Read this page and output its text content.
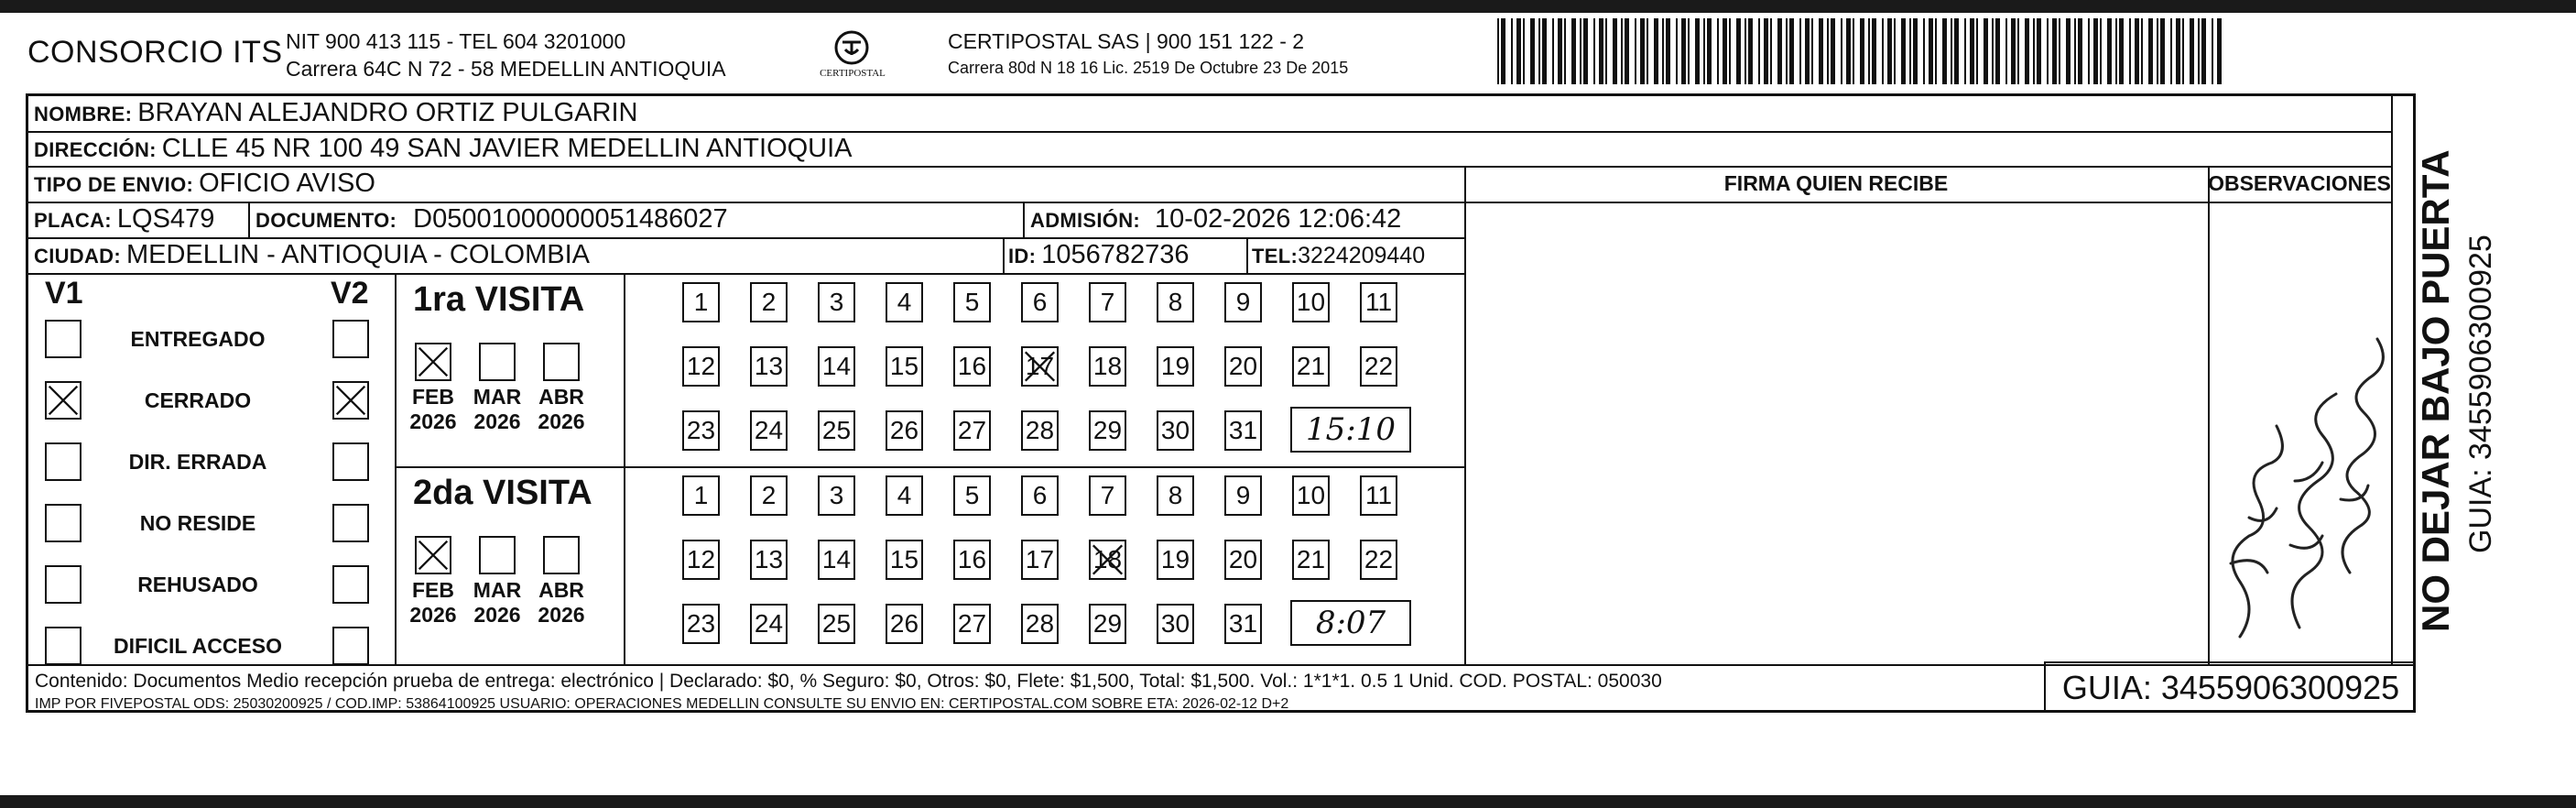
CONSORCIO ITS NIT 900 413 115 - TEL 604 3201000
Carrera 64C N 72 - 58 MEDELLIN ANTIOQUIA	CERTIPOSTAL
CERTIPOSTAL SAS | 900 151 122 - 2
Carrera 80d N 18 16 Lic. 2519 De Octubre 23 De 2015
NOMBRE: BRAYAN ALEJANDRO ORTIZ PULGARIN
DIRECCIÓN: CLLE 45 NR 100 49 SAN JAVIER MEDELLIN ANTIOQUIA
TIPO DE ENVIO: OFICIO AVISO	FIRMA QUIEN RECIBE	OBSERVACIONES
PLACA: LQS479 DOCUMENTO: D05001000000051486027	ADMISIÓN: 10-02-2026 12:06:42
CIUDAD: MEDELLIN - ANTIOQUIA - COLOMBIA	ID: 1056782736	TEL: 3224209440
V1	V2
ENTREGADO
CERRADO
DIR. ERRADA
NO RESIDE
REHUSADO
DIFICIL ACCESO
1ra VISITA
FEB
2026
MAR
2026
ABR
2026
1 2 3 4 5 6 7 8 9 10 11
12 13 14 15 16 17 18 19 20 21 22
23 24 25 26 27 28 29 30 31	15:10
2da VISITA
FEB
2026
MAR
2026
ABR
2026
1 2 3 4 5 6 7 8 9 10 11
12 13 14 15 16 17 18 19 20 21 22
23 24 25 26 27 28 29 30 31	8:07
Contenido: Documentos Medio recepción prueba de entrega: electrónico | Declarado: $0, % Seguro: $0, Otros: $0, Flete: $1,500, Total: $1,500. Vol.: 1*1*1. 0.5 1 Unid. COD. POSTAL: 050030
IMP POR FIVEPOSTAL ODS: 25030200925 / COD.IMP: 53864100925 USUARIO: OPERACIONES MEDELLIN CONSULTE SU ENVIO EN: CERTIPOSTAL.COM SOBRE ETA: 2026-02-12 D+2	GUIA: 3455906300925
NO DEJAR BAJO PUERTA GUIA: 3455906300925
